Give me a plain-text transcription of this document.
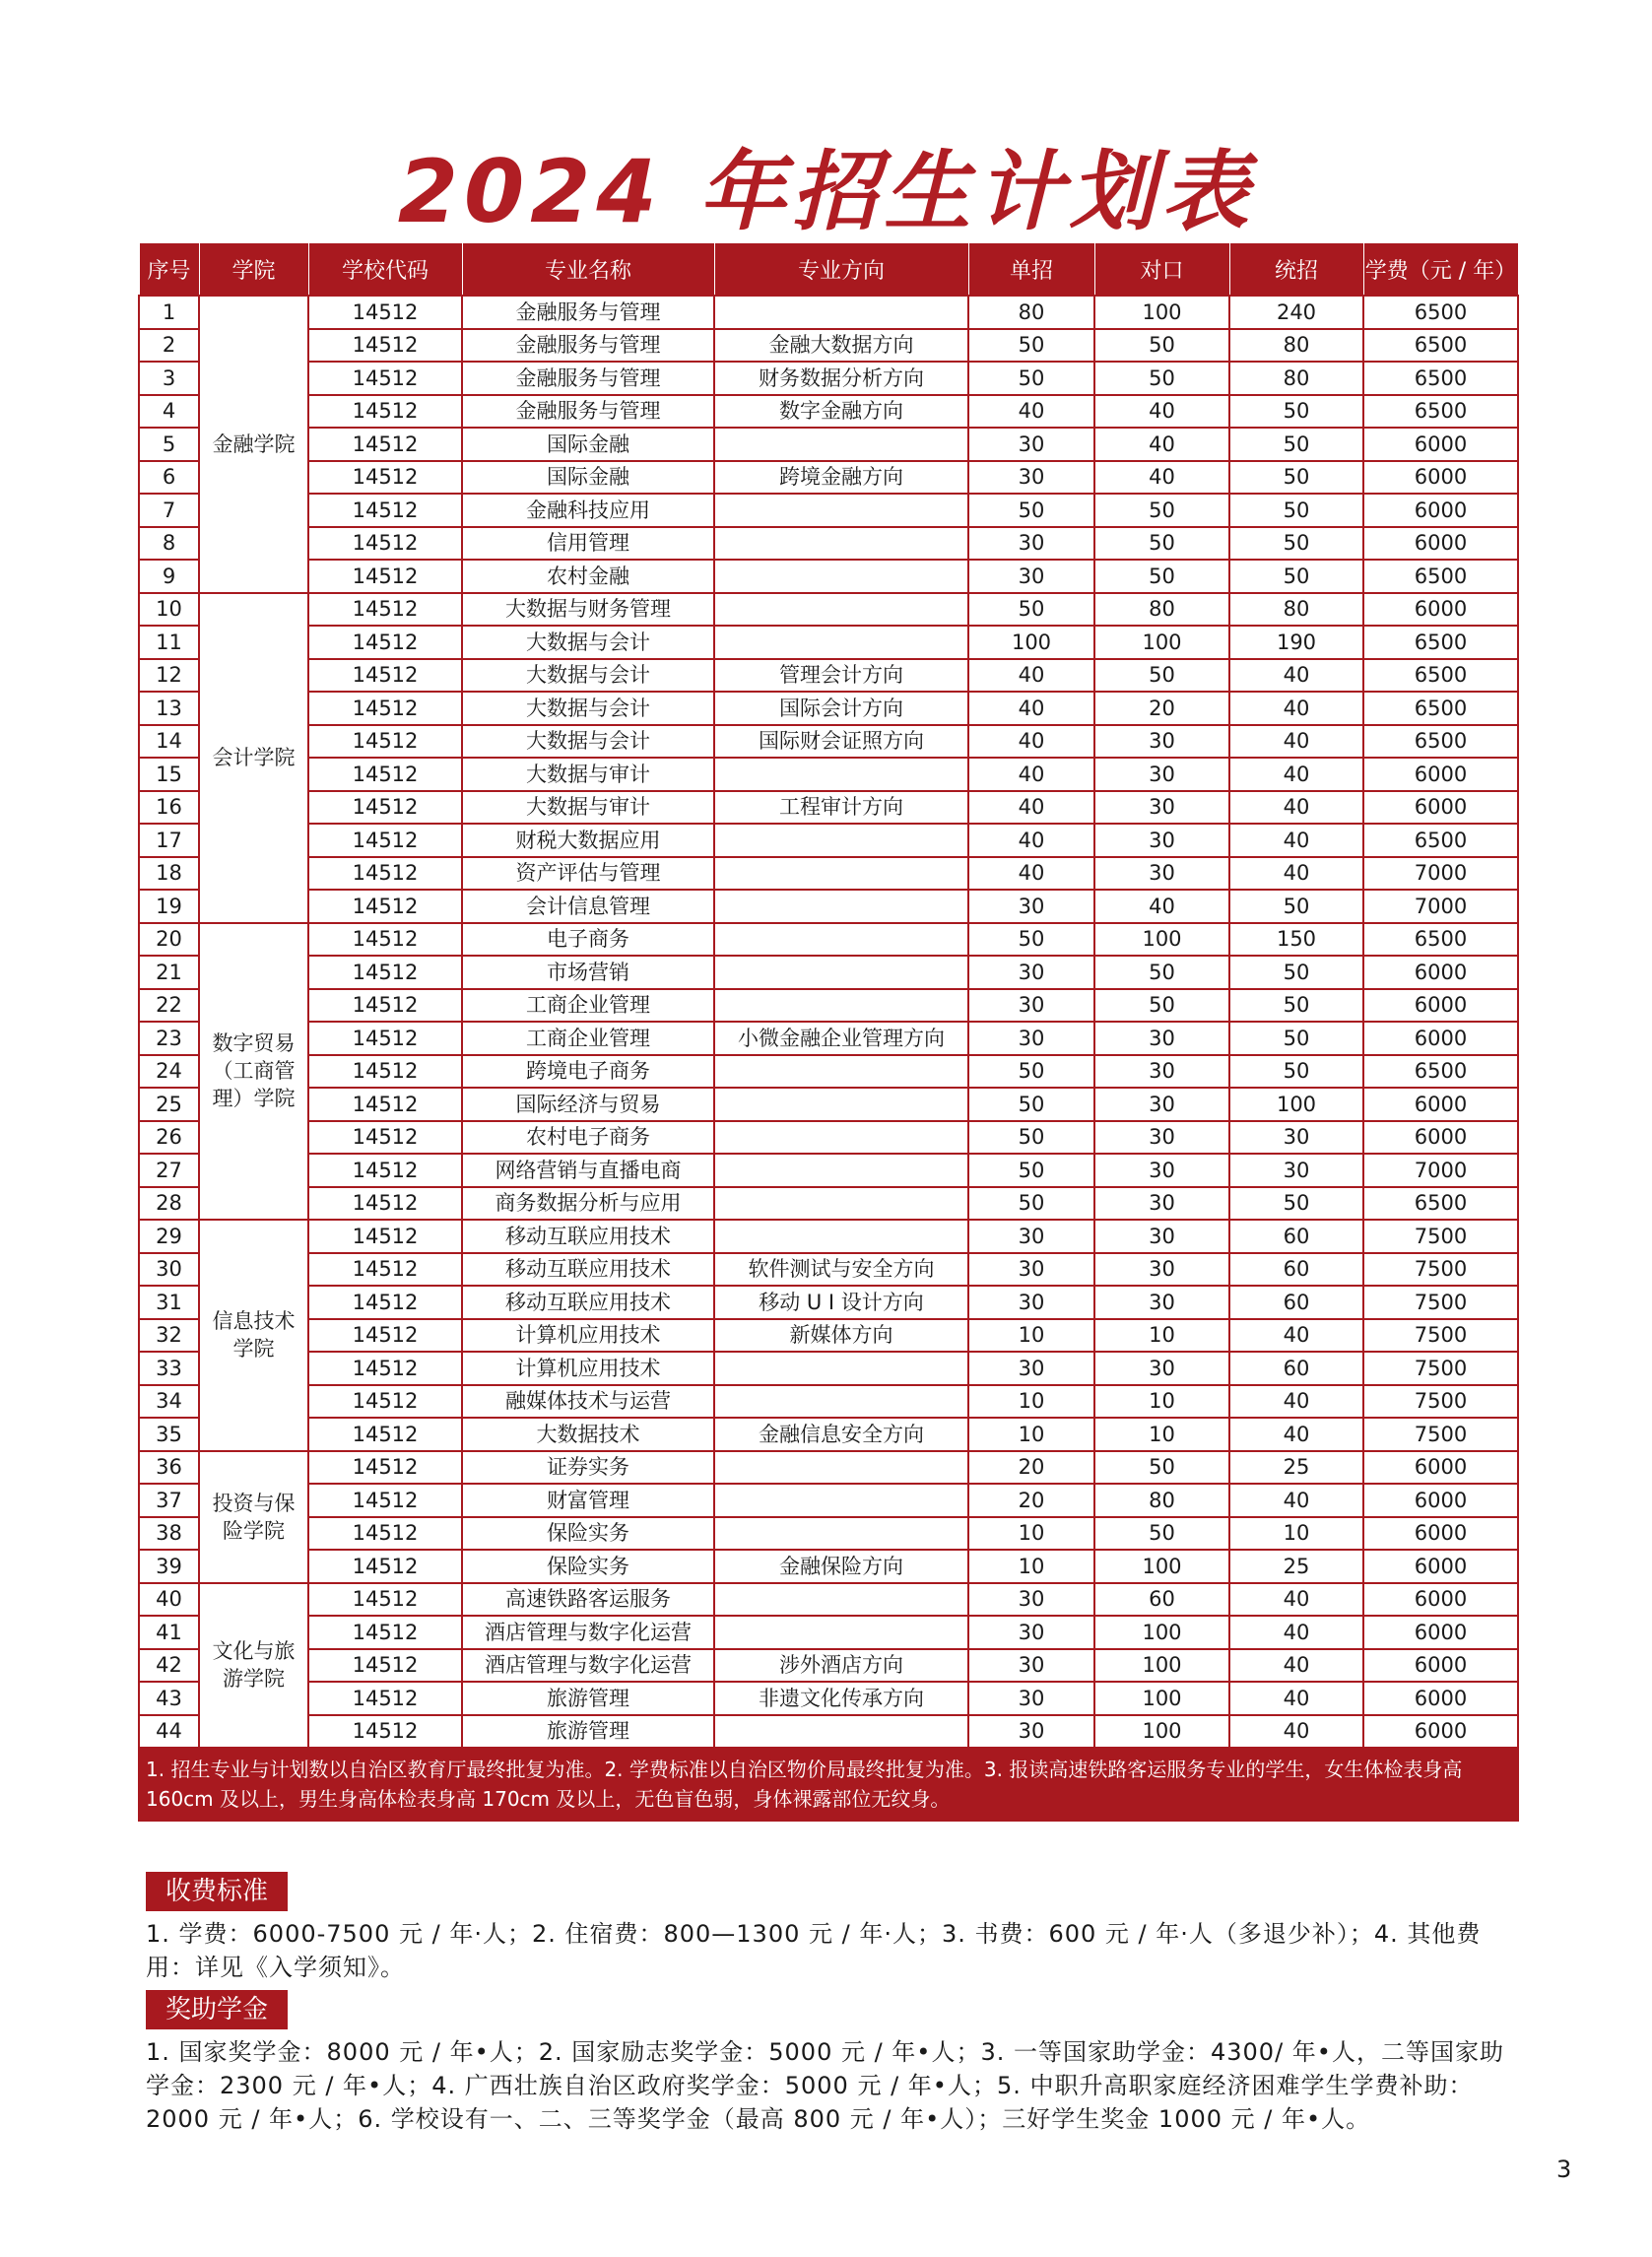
2024 年招生计划表
序号	学院	学校代码	专业名称	专业方向	单招	对口	统招	学费（元 / 年）
1	金融学院	14512	金融服务与管理		80	100	240	6500
2		14512	金融服务与管理	金融大数据方向	50	50	80	6500
3		14512	金融服务与管理	财务数据分析方向	50	50	80	6500
4		14512	金融服务与管理	数字金融方向	40	40	50	6500
5		14512	国际金融		30	40	50	6000
6		14512	国际金融	跨境金融方向	30	40	50	6000
7		14512	金融科技应用		50	50	50	6000
8		14512	信用管理		30	50	50	6000
9		14512	农村金融		30	50	50	6500
10	会计学院	14512	大数据与财务管理		50	80	80	6000
11		14512	大数据与会计		100	100	190	6500
12		14512	大数据与会计	管理会计方向	40	50	40	6500
13		14512	大数据与会计	国际会计方向	40	20	40	6500
14		14512	大数据与会计	国际财会证照方向	40	30	40	6500
15		14512	大数据与审计		40	30	40	6000
16		14512	大数据与审计	工程审计方向	40	30	40	6000
17		14512	财税大数据应用		40	30	40	6500
18		14512	资产评估与管理		40	30	40	7000
19		14512	会计信息管理		30	40	50	7000
20	数字贸易（工商管理）学院	14512	电子商务		50	100	150	6500
21		14512	市场营销		30	50	50	6000
22		14512	工商企业管理		30	50	50	6000
23		14512	工商企业管理	小微金融企业管理方向	30	30	50	6000
24		14512	跨境电子商务		50	30	50	6500
25		14512	国际经济与贸易		50	30	100	6000
26		14512	农村电子商务		50	30	30	6000
27		14512	网络营销与直播电商		50	30	30	7000
28		14512	商务数据分析与应用		50	30	50	6500
29	信息技术学院	14512	移动互联应用技术		30	30	60	7500
30		14512	移动互联应用技术	软件测试与安全方向	30	30	60	7500
31		14512	移动互联应用技术	移动 U I 设计方向	30	30	60	7500
32		14512	计算机应用技术	新媒体方向	10	10	40	7500
33		14512	计算机应用技术		30	30	60	7500
34		14512	融媒体技术与运营		10	10	40	7500
35		14512	大数据技术	金融信息安全方向	10	10	40	7500
36	投资与保险学院	14512	证券实务		20	50	25	6000
37		14512	财富管理		20	80	40	6000
38		14512	保险实务		10	50	10	6000
39		14512	保险实务	金融保险方向	10	100	25	6000
40	文化与旅游学院	14512	高速铁路客运服务		30	60	40	6000
41		14512	酒店管理与数字化运营		30	100	40	6000
42		14512	酒店管理与数字化运营	涉外酒店方向	30	100	40	6000
43		14512	旅游管理	非遗文化传承方向	30	100	40	6000
44		14512	旅游管理		30	100	40	6000
1. 招生专业与计划数以自治区教育厅最终批复为准。2. 学费标准以自治区物价局最终批复为准。3. 报读高速铁路客运服务专业的学生，女生体检表身高 160cm 及以上，男生身高体检表身高 170cm 及以上，无色盲色弱，身体裸露部位无纹身。								
收费标准
1. 学费：6000-7500 元 / 年·人；2. 住宿费：800—1300 元 / 年·人；3. 书费：600 元 / 年·人（多退少补）；4. 其他费用：详见《入学须知》。
奖助学金
1. 国家奖学金：8000 元 / 年•人；2. 国家励志奖学金：5000 元 / 年•人；3. 一等国家助学金：4300/ 年•人，二等国家助学金：2300 元 / 年•人；4. 广西壮族自治区政府奖学金：5000 元 / 年•人；5. 中职升高职家庭经济困难学生学费补助：2000 元 / 年•人；6. 学校设有一、二、三等奖学金（最高 800 元 / 年•人）；三好学生奖金 1000 元 / 年•人。
3
